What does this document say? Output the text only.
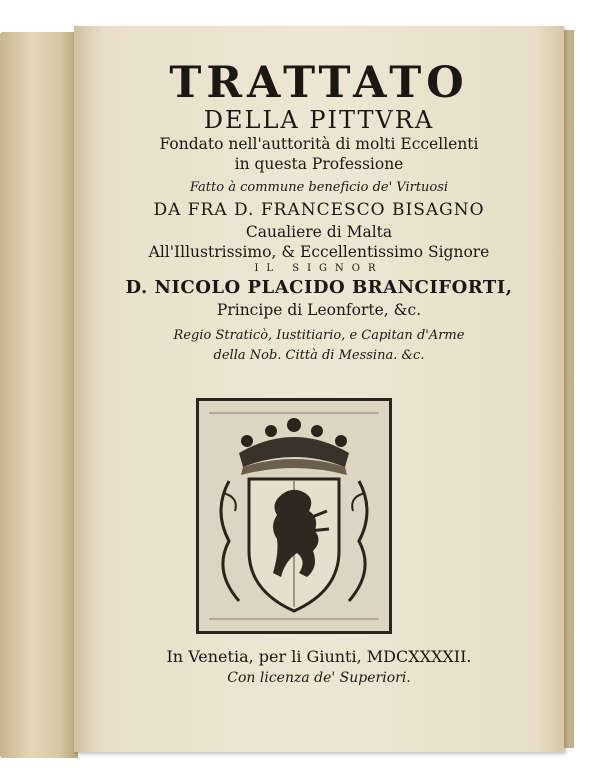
TRATTATO

DELLA PITTVRA

Fondato nell'auttorità di molti Eccellenti

in questa Professione

Fatto à commune beneficio de' Virtuosi

DA FRA D. FRANCESCO BISAGNO

Caualiere di Malta

All'Illustrissimo, & Eccellentissimo Signore

IL SIGNOR

D. NICOLO PLACIDO BRANCIFORTI,

Principe di Leonforte, &c.

Regio Straticò, Iustitiario, e Capitan d'Arme

della Nob. Città di Messina. &c.

In Venetia, per li Giunti, MDCXXXXII.

Con licenza de' Superiori.
